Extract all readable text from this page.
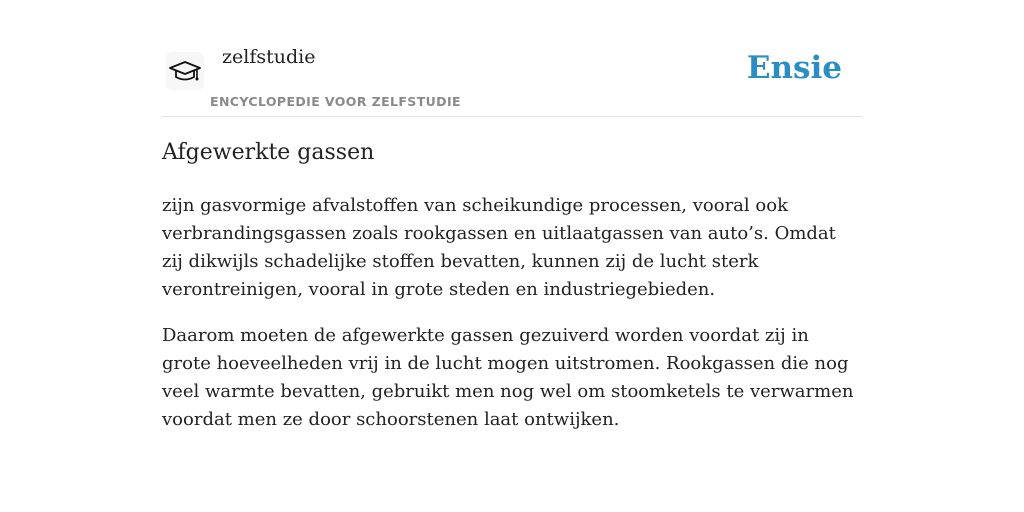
zelfstudie
ENCYCLOPEDIE VOOR ZELFSTUDIE
Ensie
Afgewerkte gassen

zijn gasvormige afvalstoffen van scheikundige processen, vooral ook verbrandingsgassen zoals rookgassen en uitlaatgassen van auto’s. Omdat zij dikwijls schadelijke stoffen bevatten, kunnen zij de lucht sterk verontreinigen, vooral in grote steden en industriegebieden.

Daarom moeten de afgewerkte gassen gezuiverd worden voordat zij in grote hoeveelheden vrij in de lucht mogen uitstromen. Rookgassen die nog veel warmte bevatten, gebruikt men nog wel om stoomketels te verwarmen voordat men ze door schoorstenen laat ontwijken.
